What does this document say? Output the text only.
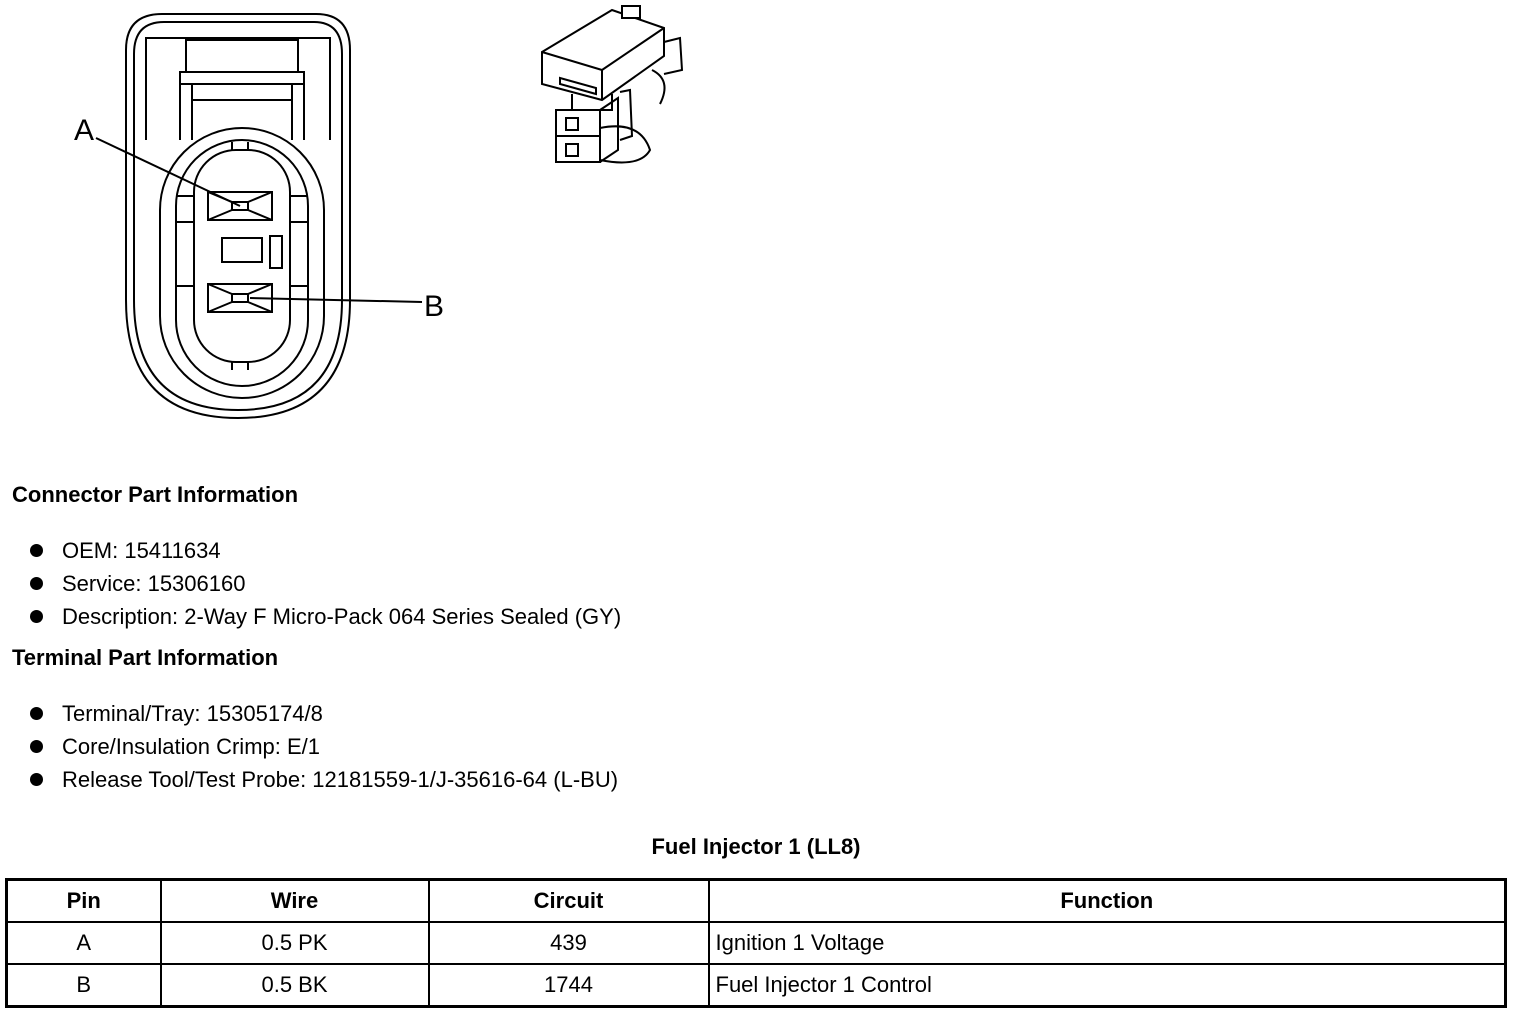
A
B
Connector Part Information
OEM: 15411634
Service: 15306160
Description: 2-Way F Micro-Pack 064 Series Sealed (GY)
Terminal Part Information
Terminal/Tray: 15305174/8
Core/Insulation Crimp: E/1
Release Tool/Test Probe: 12181559-1/J-35616-64 (L-BU)
Fuel Injector 1 (LL8)
Pin	Wire	Circuit	Function
A	0.5 PK	439	Ignition 1 Voltage
B	0.5 BK	1744	Fuel Injector 1 Control
